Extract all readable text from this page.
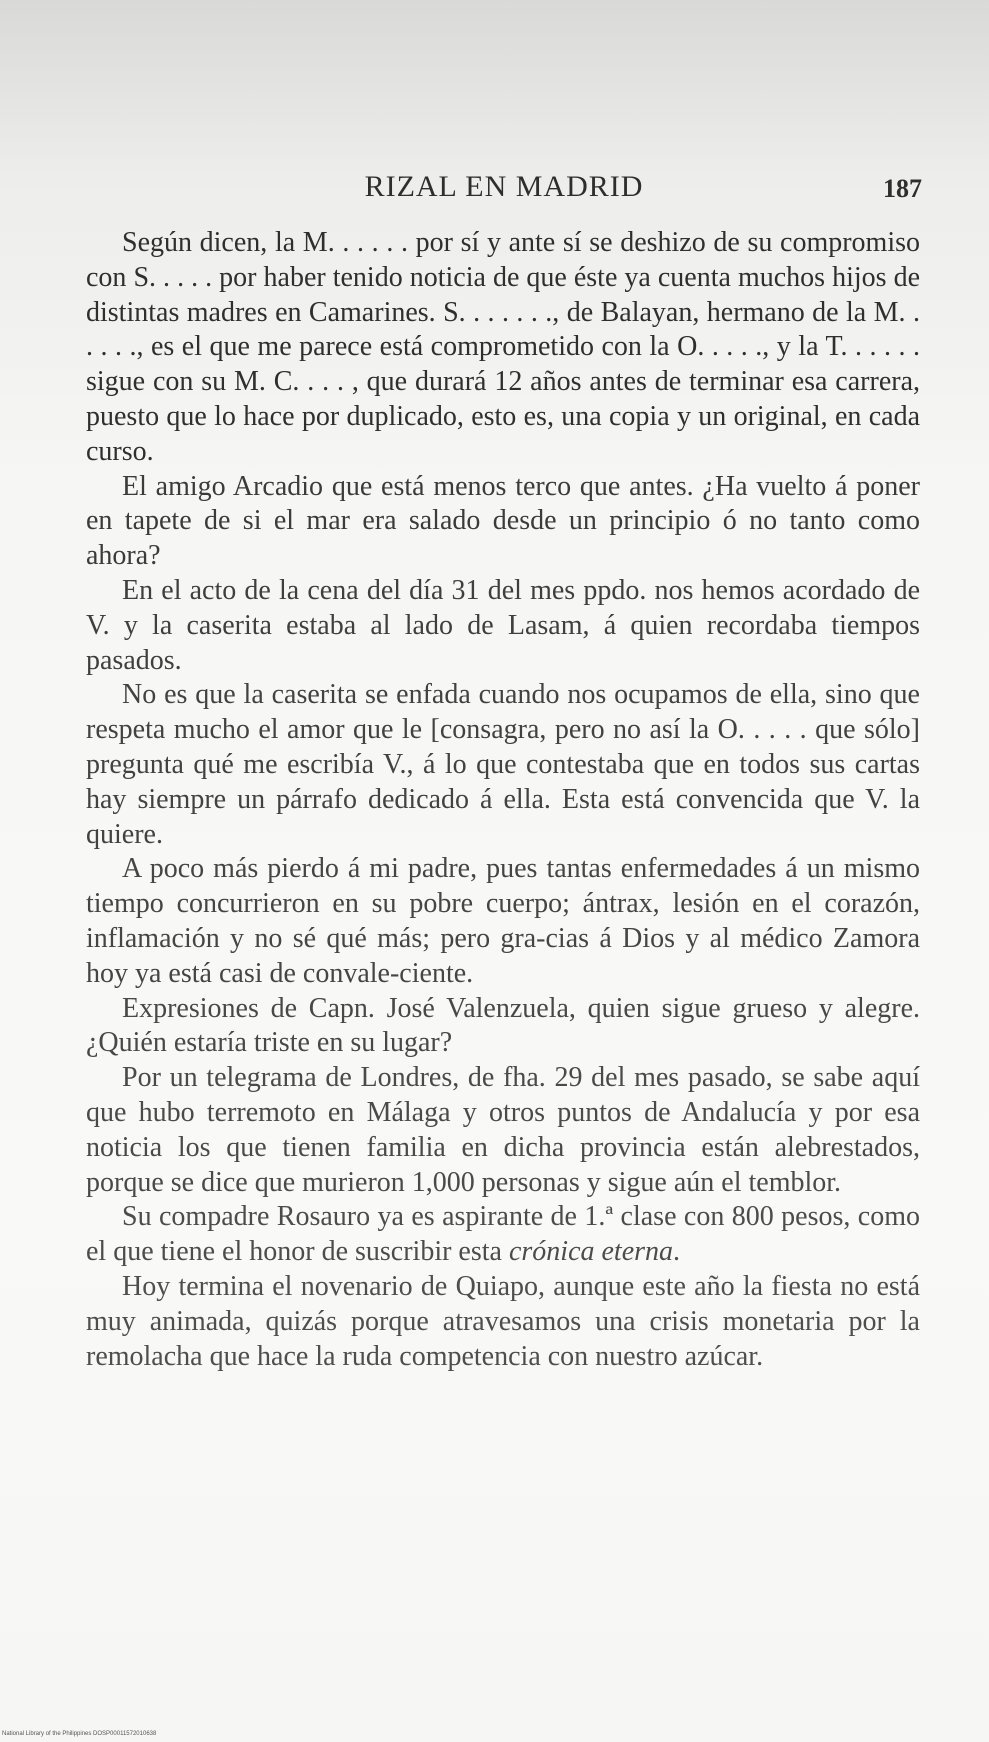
RIZAL EN MADRID	187

Según dicen, la M. . . . . . por sí y ante sí se deshizo de su compromiso con S. . . . . por haber tenido noticia de que éste ya cuenta muchos hijos de distintas madres en Camarines. S. . . . . . ., de Balayan, hermano de la M. . . . . ., es el que me parece está comprometido con la O. . . . ., y la T. . . . . . sigue con su M. C. . . . , que durará 12 años antes de terminar esa carrera, puesto que lo hace por duplicado, esto es, una copia y un original, en cada curso.

El amigo Arcadio que está menos terco que antes. ¿Ha vuelto á poner en tapete de si el mar era salado desde un principio ó no tanto como ahora?

En el acto de la cena del día 31 del mes ppdo. nos hemos acordado de V. y la caserita estaba al lado de Lasam, á quien recordaba tiempos pasados.

No es que la caserita se enfada cuando nos ocupamos de ella, sino que respeta mucho el amor que le [consagra, pero no así la O. . . . . que sólo] pregunta qué me escribía V., á lo que contestaba que en todos sus cartas hay siempre un párrafo dedicado á ella. Esta está convencida que V. la quiere.

A poco más pierdo á mi padre, pues tantas enfermedades á un mismo tiempo concurrieron en su pobre cuerpo; ántrax, lesión en el corazón, inflamación y no sé qué más; pero gra-cias á Dios y al médico Zamora hoy ya está casi de convale-ciente.

Expresiones de Capn. José Valenzuela, quien sigue grueso y alegre. ¿Quién estaría triste en su lugar?

Por un telegrama de Londres, de fha. 29 del mes pasado, se sabe aquí que hubo terremoto en Málaga y otros puntos de Andalucía y por esa noticia los que tienen familia en dicha provincia están alebrestados, porque se dice que murieron 1,000 personas y sigue aún el temblor.

Su compadre Rosauro ya es aspirante de 1.ª clase con 800 pesos, como el que tiene el honor de suscribir esta crónica eterna.

Hoy termina el novenario de Quiapo, aunque este año la fiesta no está muy animada, quizás porque atravesamos una crisis monetaria por la remolacha que hace la ruda competencia con nuestro azúcar.

National Library of the Philippines DOSP00011572010638
